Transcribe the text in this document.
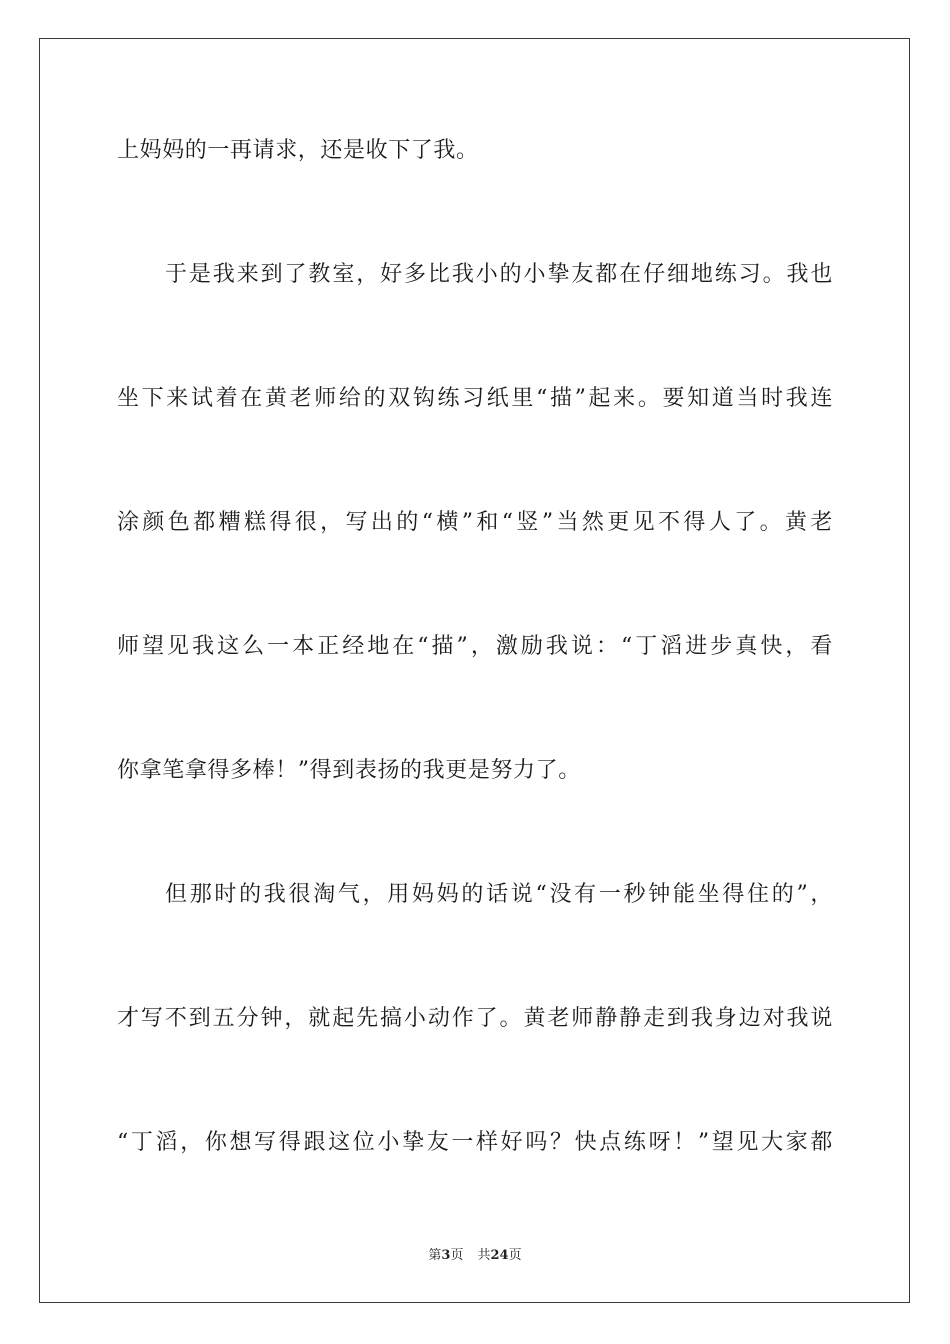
上妈妈的一再请求，还是收下了我。
于是我来到了教室，好多比我小的小挚友都在仔细地练习。我也
坐下来试着在黄老师给的双钩练习纸里“描”起来。要知道当时我连
涂颜色都糟糕得很，写出的“横”和“竖”当然更见不得人了。黄老
师望见我这么一本正经地在“描”，激励我说：“丁滔进步真快，看
你拿笔拿得多棒！”得到表扬的我更是努力了。
但那时的我很淘气，用妈妈的话说“没有一秒钟能坐得住的”，
才写不到五分钟，就起先搞小动作了。黄老师静静走到我身边对我说
“丁滔，你想写得跟这位小挚友一样好吗？快点练呀！”望见大家都
第3页 共24页
